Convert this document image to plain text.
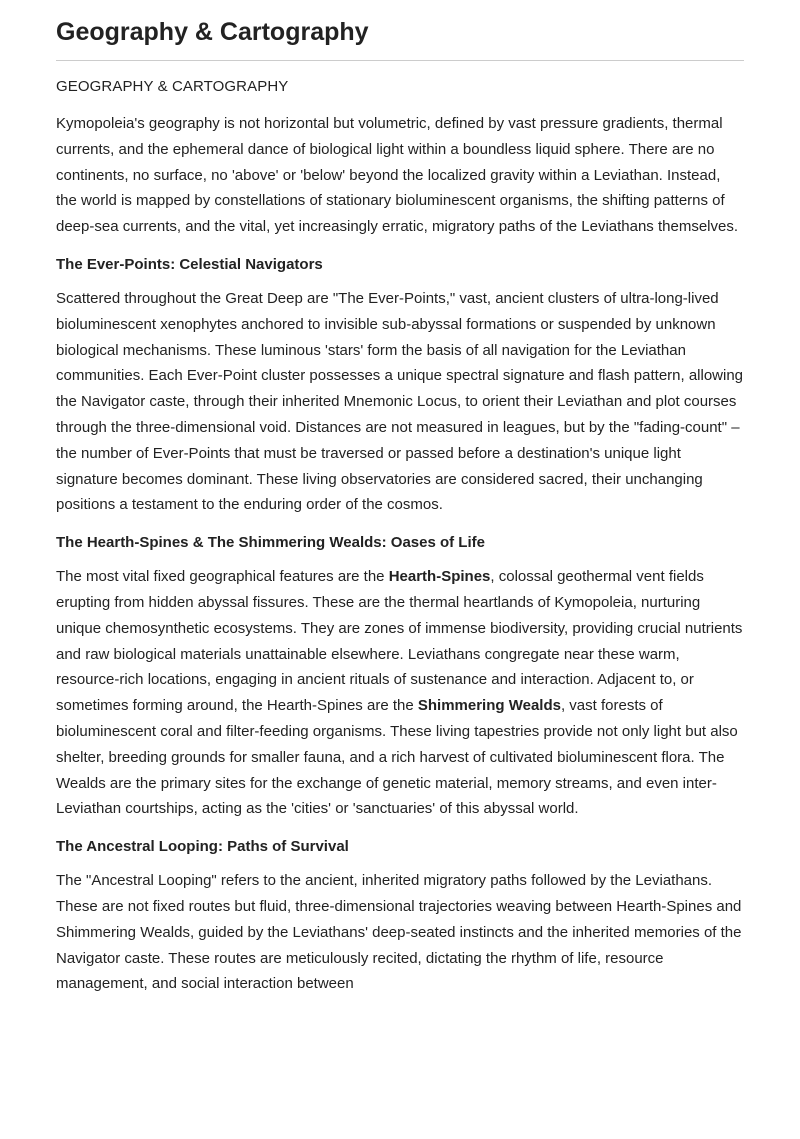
Geography & Cartography
GEOGRAPHY & CARTOGRAPHY

Kymopoleia's geography is not horizontal but volumetric, defined by vast pressure gradients, thermal currents, and the ephemeral dance of biological light within a boundless liquid sphere. There are no continents, no surface, no 'above' or 'below' beyond the localized gravity within a Leviathan. Instead, the world is mapped by constellations of stationary bioluminescent organisms, the shifting patterns of deep-sea currents, and the vital, yet increasingly erratic, migratory paths of the Leviathans themselves.

The Ever-Points: Celestial Navigators

Scattered throughout the Great Deep are "The Ever-Points," vast, ancient clusters of ultra-long-lived bioluminescent xenophytes anchored to invisible sub-abyssal formations or suspended by unknown biological mechanisms. These luminous 'stars' form the basis of all navigation for the Leviathan communities. Each Ever-Point cluster possesses a unique spectral signature and flash pattern, allowing the Navigator caste, through their inherited Mnemonic Locus, to orient their Leviathan and plot courses through the three-dimensional void. Distances are not measured in leagues, but by the "fading-count" – the number of Ever-Points that must be traversed or passed before a destination's unique light signature becomes dominant. These living observatories are considered sacred, their unchanging positions a testament to the enduring order of the cosmos.

The Hearth-Spines & The Shimmering Wealds: Oases of Life

The most vital fixed geographical features are the Hearth-Spines, colossal geothermal vent fields erupting from hidden abyssal fissures. These are the thermal heartlands of Kymopoleia, nurturing unique chemosynthetic ecosystems. They are zones of immense biodiversity, providing crucial nutrients and raw biological materials unattainable elsewhere. Leviathans congregate near these warm, resource-rich locations, engaging in ancient rituals of sustenance and interaction. Adjacent to, or sometimes forming around, the Hearth-Spines are the Shimmering Wealds, vast forests of bioluminescent coral and filter-feeding organisms. These living tapestries provide not only light but also shelter, breeding grounds for smaller fauna, and a rich harvest of cultivated bioluminescent flora. The Wealds are the primary sites for the exchange of genetic material, memory streams, and even inter-Leviathan courtships, acting as the 'cities' or 'sanctuaries' of this abyssal world.

The Ancestral Looping: Paths of Survival

The "Ancestral Looping" refers to the ancient, inherited migratory paths followed by the Leviathans. These are not fixed routes but fluid, three-dimensional trajectories weaving between Hearth-Spines and Shimmering Wealds, guided by the Leviathans' deep-seated instincts and the inherited memories of the Navigator caste. These routes are meticulously recited, dictating the rhythm of life, resource management, and social interaction between
